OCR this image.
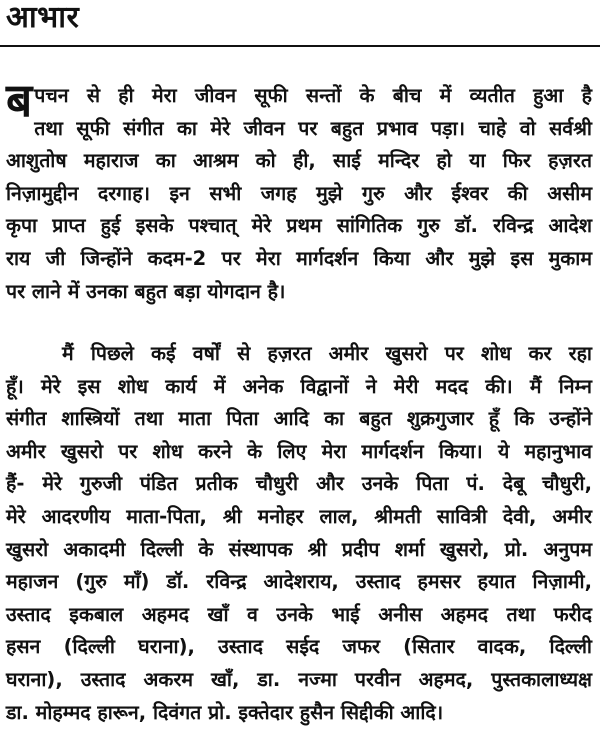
आभार
ब पचन से ही मेरा जीवन सूफी सन्तों के बीच में व्यतीत हुआ है
तथा सूफी संगीत का मेरे जीवन पर बहुत प्रभाव पड़ा। चाहे वो सर्वश्री
आशुतोष महाराज का आश्रम को ही, साई मन्दिर हो या फिर हज़रत
निज़ामुद्दीन दरगाह। इन सभी जगह मुझे गुरु और ईश्वर की असीम
कृपा प्राप्त हुई इसके पश्चात् मेरे प्रथम सांगितिक गुरु डॉ. रविन्द्र आदेश
राय जी जिन्होंने कदम-2 पर मेरा मार्गदर्शन किया और मुझे इस मुकाम
पर लाने में उनका बहुत बड़ा योगदान है।
मैं पिछले कई वर्षों से हज़रत अमीर खुसरो पर शोध कर रहा
हूँ। मेरे इस शोध कार्य में अनेक विद्वानों ने मेरी मदद की। मैं निम्न
संगीत शास्त्रियों तथा माता पिता आदि का बहुत शुक्रगुजार हूँ कि उन्होंने
अमीर खुसरो पर शोध करने के लिए मेरा मार्गदर्शन किया। ये महानुभाव
हैं- मेरे गुरुजी पंडित प्रतीक चौधुरी और उनके पिता पं. देबू चौधुरी,
मेरे आदरणीय माता-पिता, श्री मनोहर लाल, श्रीमती सावित्री देवी, अमीर
खुसरो अकादमी दिल्ली के संस्थापक श्री प्रदीप शर्मा खुसरो, प्रो. अनुपम
महाजन (गुरु माँ) डॉ. रविन्द्र आदेशराय, उस्ताद हमसर हयात निज़ामी,
उस्ताद इकबाल अहमद खाँ व उनके भाई अनीस अहमद तथा फरीद
हसन (दिल्ली घराना), उस्ताद सईद जफर (सितार वादक, दिल्ली
घराना), उस्ताद अकरम खाँ, डा. नज्मा परवीन अहमद, पुस्तकालाध्यक्ष
डा. मोहम्मद हारून, दिवंगत प्रो. इक्तेदार हुसैन सिद्दीकी आदि।
